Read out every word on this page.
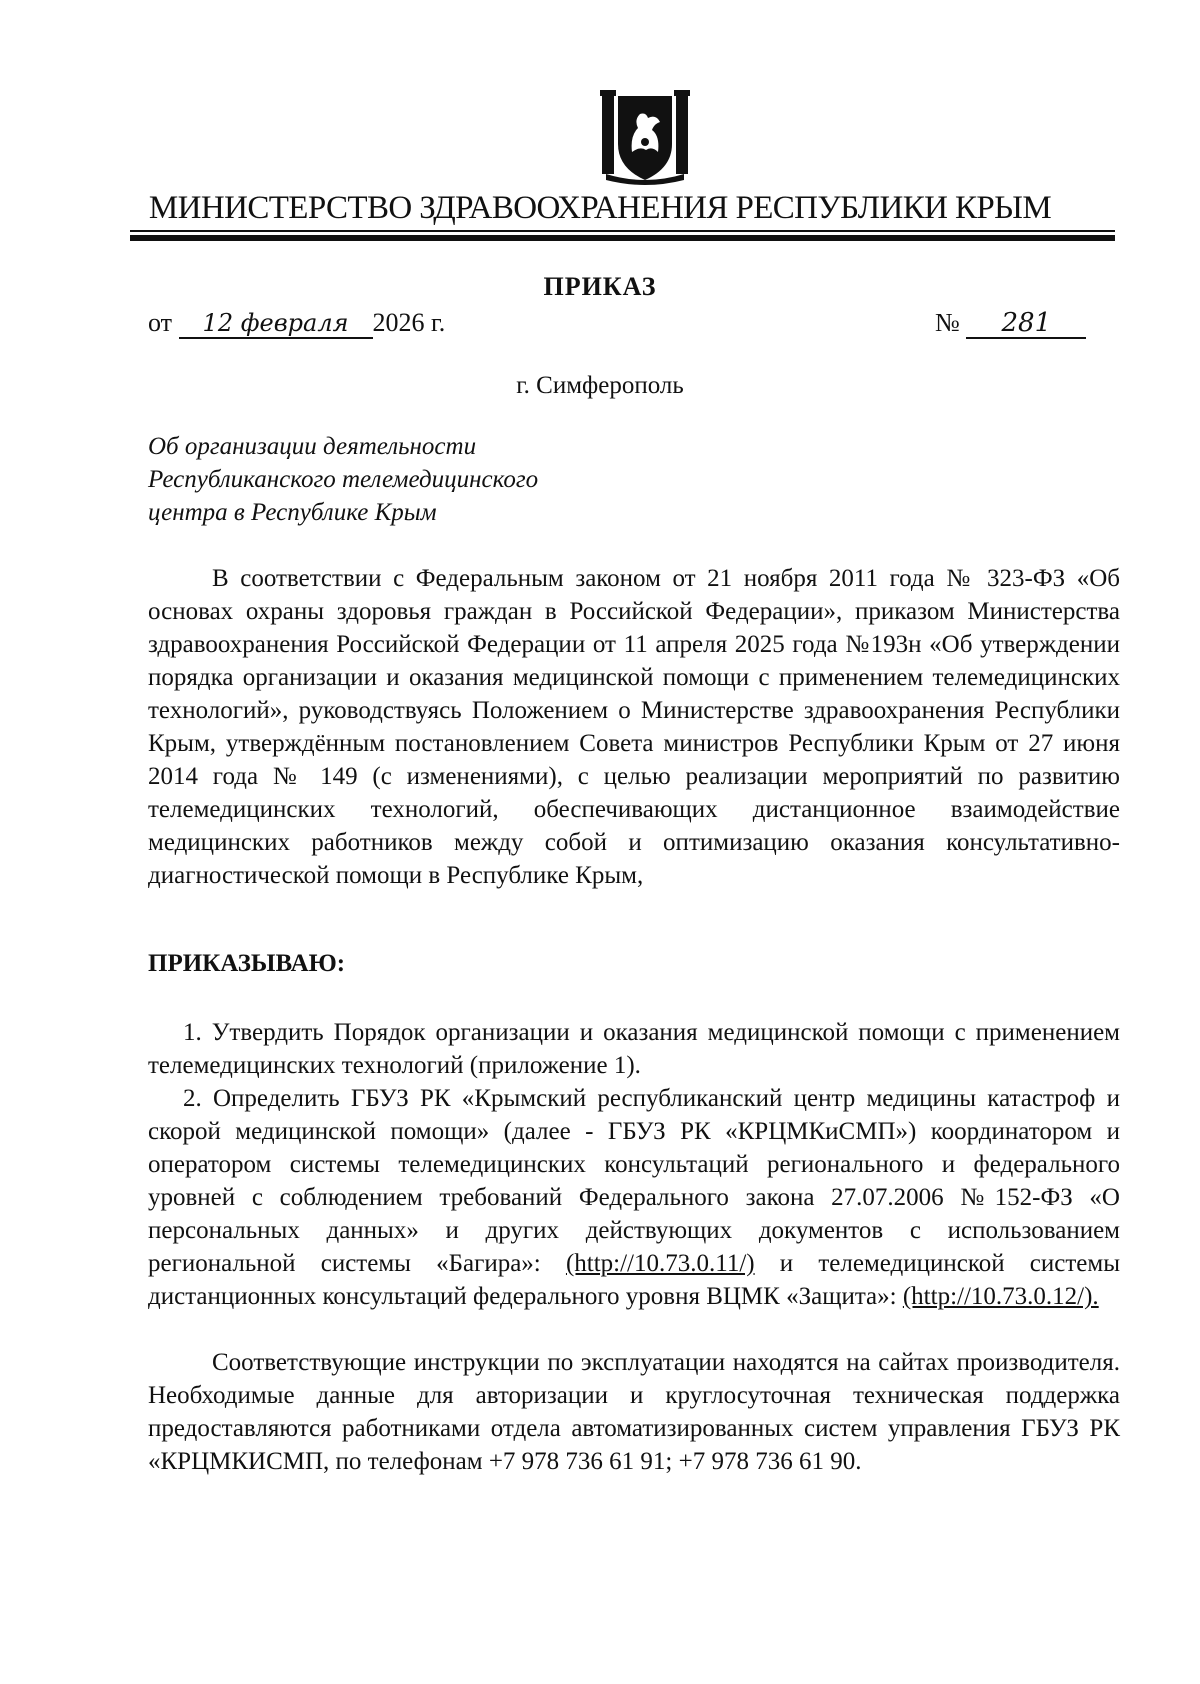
МИНИСТЕРСТВО ЗДРАВООХРАНЕНИЯ РЕСПУБЛИКИ КРЫМ
ПРИКАЗ
от 12 февраля 2026 г.	№ 281
г. Симферополь
Об организации деятельности
Республиканского телемедицинского
центра в Республике Крым
В соответствии с Федеральным законом от 21 ноября 2011 года № 323-ФЗ «Об основах охраны здоровья граждан в Российской Федерации», приказом Министерства здравоохранения Российской Федерации от 11 апреля 2025 года №193н «Об утверждении порядка организации и оказания медицинской помощи с применением телемедицинских технологий», руководствуясь Положением о Министерстве здравоохранения Республики Крым, утверждённым постановлением Совета министров Республики Крым от 27 июня 2014 года № 149 (с изменениями), с целью реализации мероприятий по развитию телемедицинских технологий, обеспечивающих дистанционное взаимодействие медицинских работников между собой и оптимизацию оказания консультативно-диагностической помощи в Республике Крым,
ПРИКАЗЫВАЮ:
1. Утвердить Порядок организации и оказания медицинской помощи с применением телемедицинских технологий (приложение 1).
2. Определить ГБУЗ РК «Крымский республиканский центр медицины катастроф и скорой медицинской помощи» (далее - ГБУЗ РК «КРЦМКиСМП») координатором и оператором системы телемедицинских консультаций регионального и федерального уровней с соблюдением требований Федерального закона 27.07.2006 №152-ФЗ «О персональных данных» и других действующих документов с использованием региональной системы «Багира»: (http://10.73.0.11/) и телемедицинской системы дистанционных консультаций федерального уровня ВЦМК «Защита»: (http://10.73.0.12/).
Соответствующие инструкции по эксплуатации находятся на сайтах производителя. Необходимые данные для авторизации и круглосуточная техническая поддержка предоставляются работниками отдела автоматизированных систем управления ГБУЗ РК «КРЦМКИСМП, по телефонам +7 978 736 61 91; +7 978 736 61 90.
